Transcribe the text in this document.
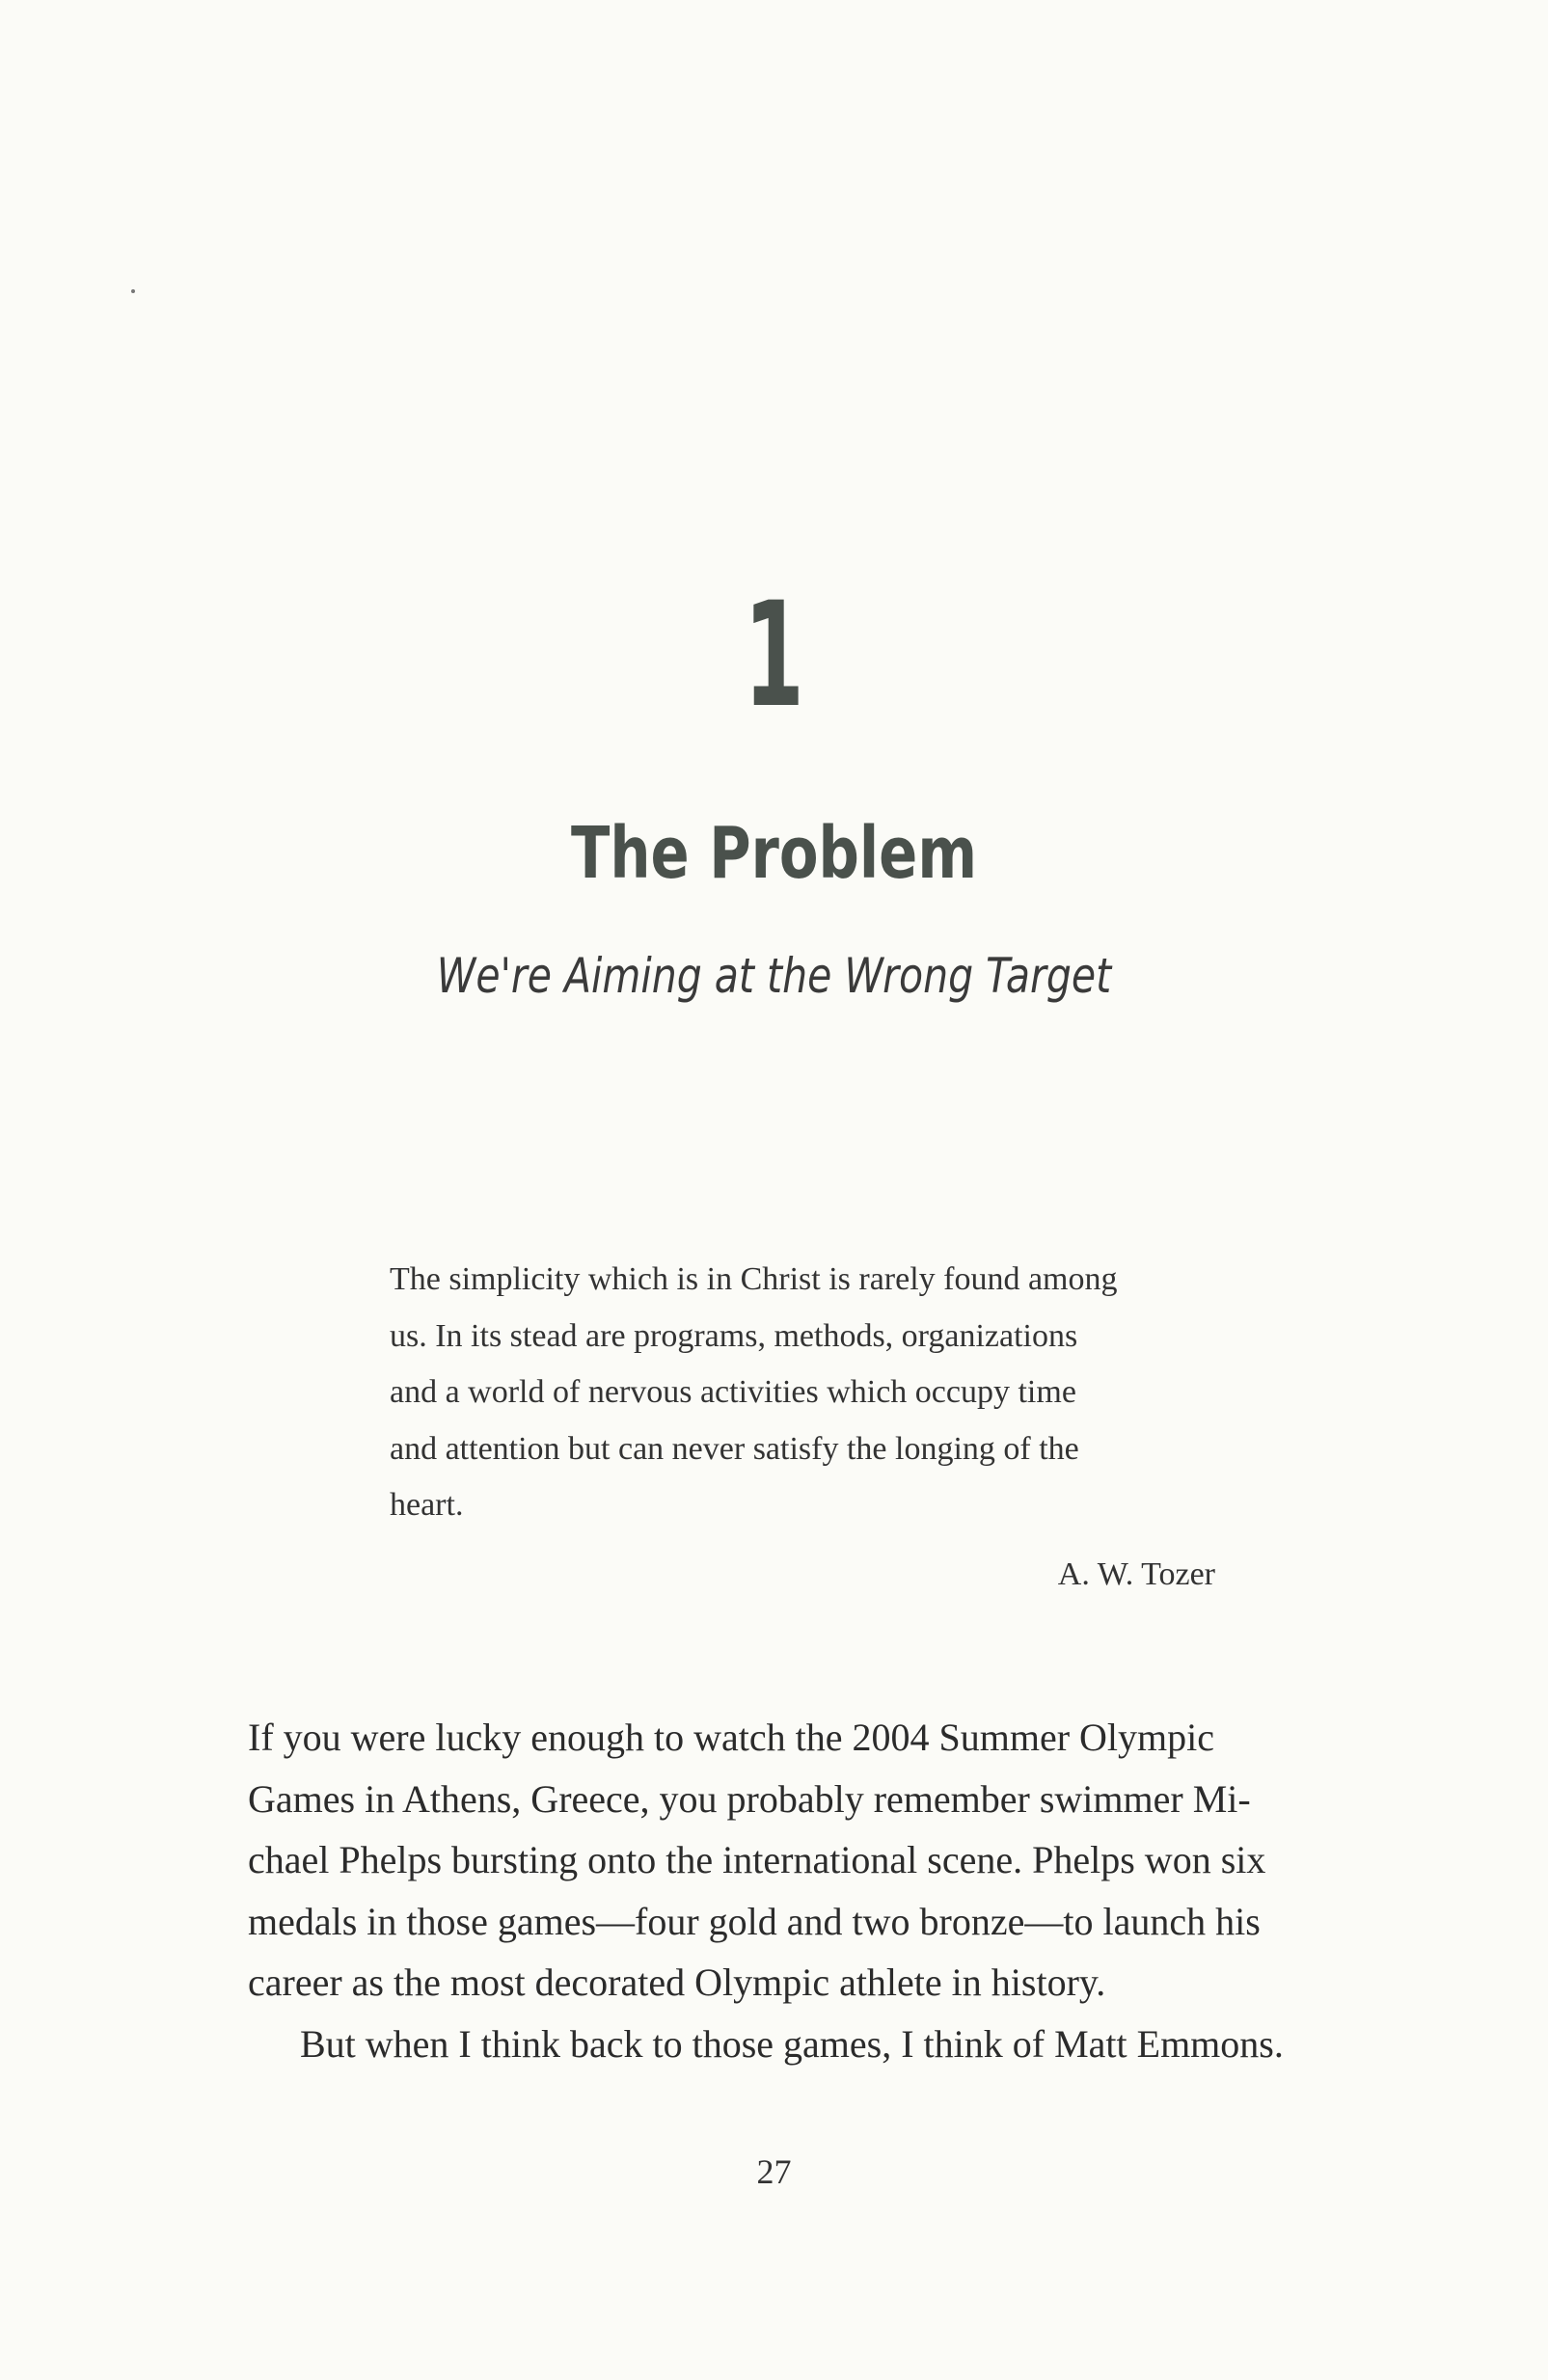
1
The Problem
We're Aiming at the Wrong Target
The simplicity which is in Christ is rarely found among
us. In its stead are programs, methods, organizations
and a world of nervous activities which occupy time
and attention but can never satisfy the longing of the
heart.
A. W. Tozer
If you were lucky enough to watch the 2004 Summer Olympic
Games in Athens, Greece, you probably remember swimmer Mi-
chael Phelps bursting onto the international scene. Phelps won six
medals in those games—four gold and two bronze—to launch his
career as the most decorated Olympic athlete in history.
But when I think back to those games, I think of Matt Emmons.
27
